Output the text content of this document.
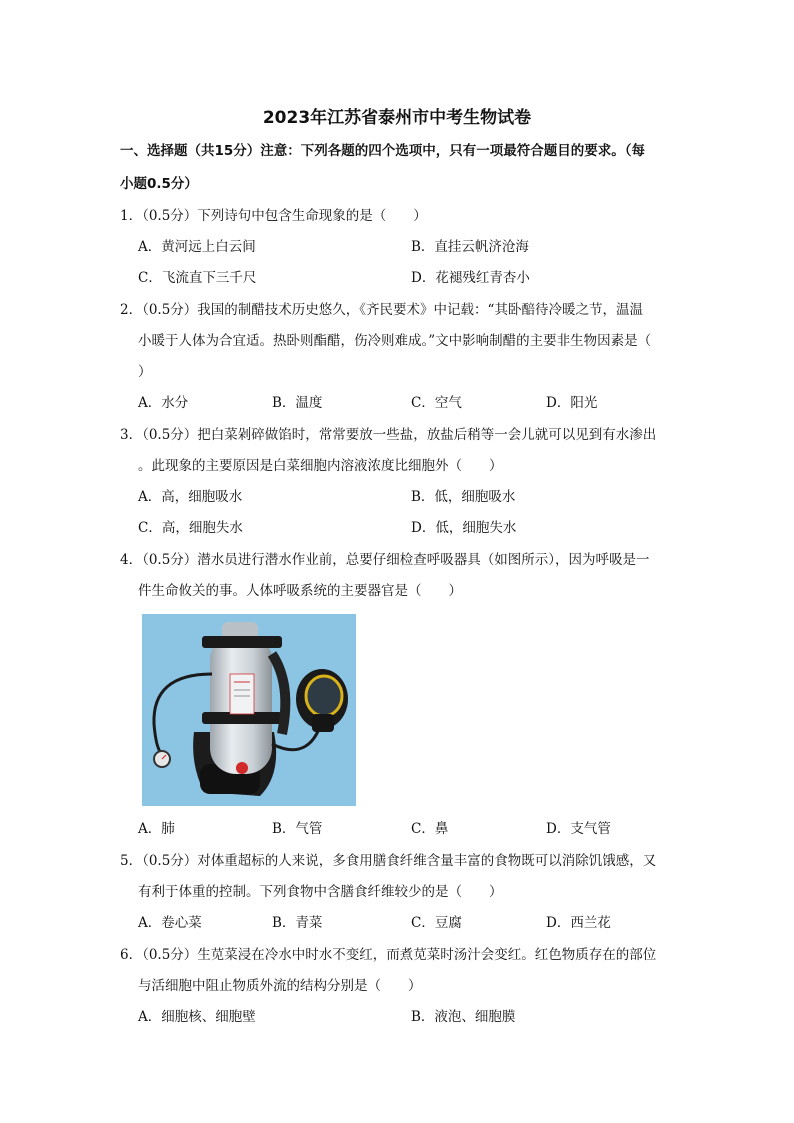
2023年江苏省泰州市中考生物试卷
一、选择题（共15分）注意：下列各题的四个选项中，只有一项最符合题目的要求。（每
小题0.5分）
1．（0.5分）下列诗句中包含生命现象的是（　　）
A．黄河远上白云间	B．直挂云帆济沧海
C．飞流直下三千尺	D．花褪残红青杏小
2．（0.5分）我国的制醋技术历史悠久，《齐民要术》中记载：“其卧醅待冷暖之节，温温
小暖于人体为合宜适。热卧则酯醋，伤冷则难成。”文中影响制醋的主要非生物因素是（
）
A．水分	B．温度	C．空气	D．阳光
3．（0.5分）把白菜剁碎做馅时，常常要放一些盐，放盐后稍等一会儿就可以见到有水渗出
。此现象的主要原因是白菜细胞内溶液浓度比细胞外（　　）
A．高，细胞吸水	B．低，细胞吸水
C．高，细胞失水	D．低，细胞失水
4．（0.5分）潜水员进行潜水作业前，总要仔细检查呼吸器具（如图所示），因为呼吸是一
件生命攸关的事。人体呼吸系统的主要器官是（　　）
A．肺	B．气管	C．鼻	D．支气管
5．（0.5分）对体重超标的人来说，多食用膳食纤维含量丰富的食物既可以消除饥饿感，又
有利于体重的控制。下列食物中含膳食纤维较少的是（　　）
A．卷心菜	B．青菜	C．豆腐	D．西兰花
6．（0.5分）生苋菜浸在冷水中时水不变红，而煮苋菜时汤汁会变红。红色物质存在的部位
与活细胞中阻止物质外流的结构分别是（　　）
A．细胞核、细胞壁	B．液泡、细胞膜
